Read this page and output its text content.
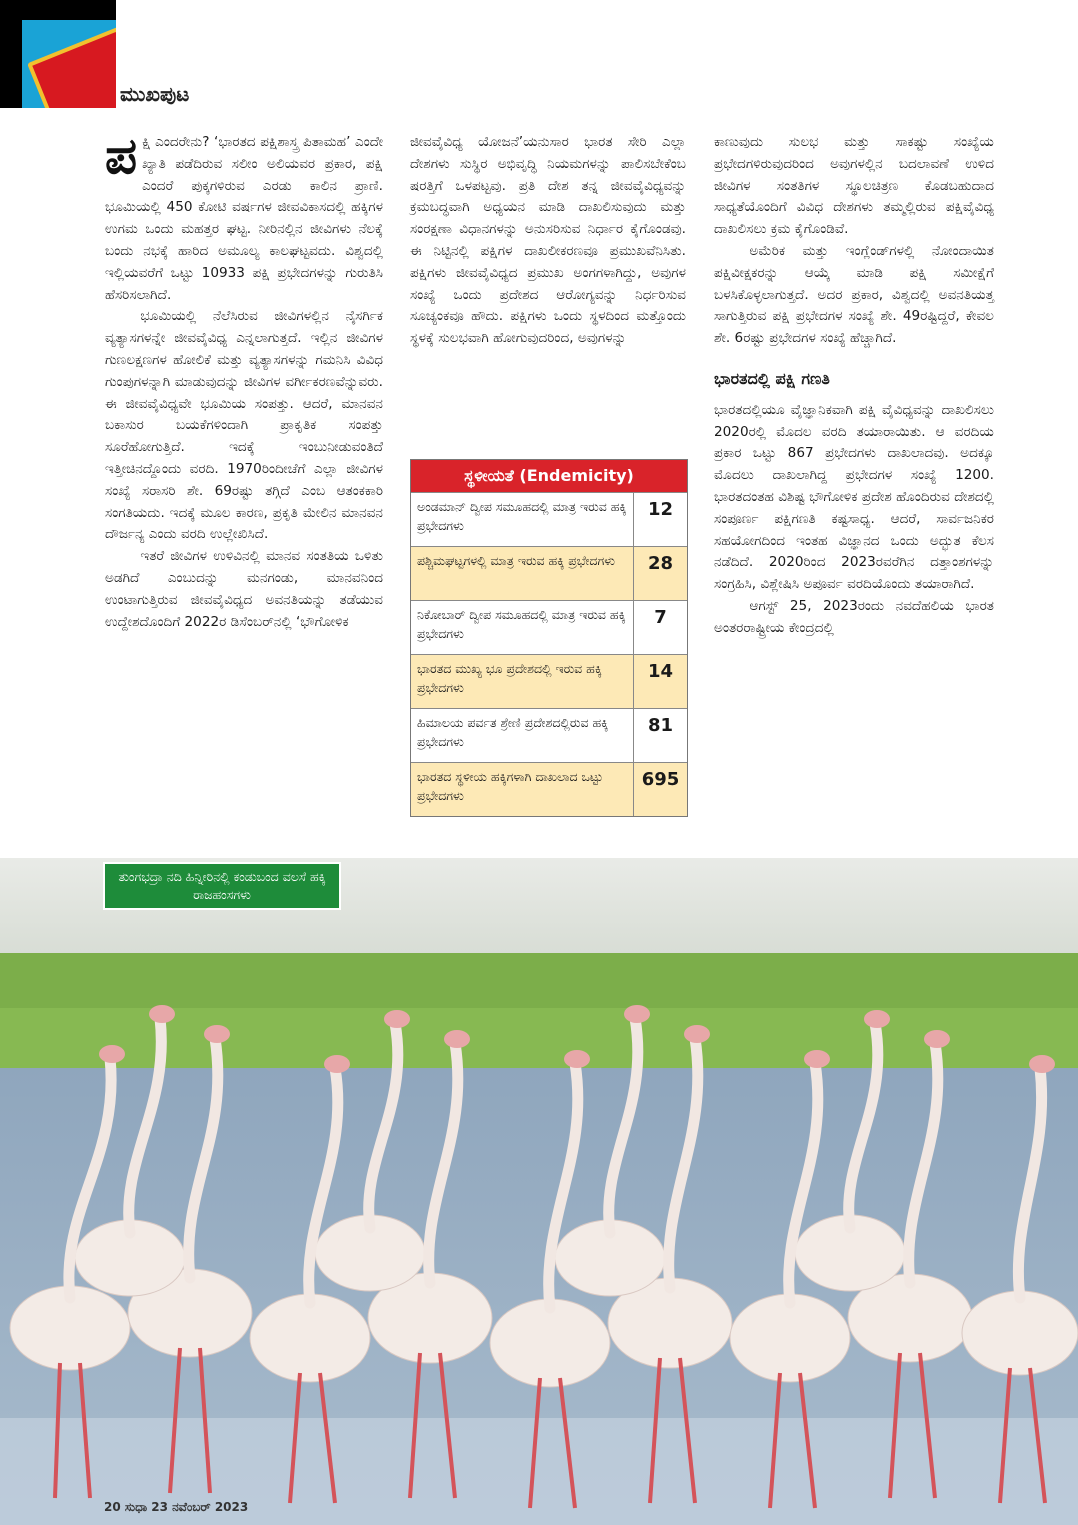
ಮುಖಪುಟ

ಪಕ್ಷಿ ಎಂದರೇನು? ‘ಭಾರತದ ಪಕ್ಷಿಶಾಸ್ತ್ರ ಪಿತಾಮಹ’ ಎಂದೇ ಖ್ಯಾತಿ ಪಡೆದಿರುವ ಸಲೀಂ ಅಲಿಯವರ ಪ್ರಕಾರ, ಪಕ್ಷಿ ಎಂದರೆ ಪುಕ್ಕಗಳಿರುವ ಎರಡು ಕಾಲಿನ ಪ್ರಾಣಿ. ಭೂಮಿಯಲ್ಲಿ 450 ಕೋಟಿ ವರ್ಷಗಳ ಜೀವವಿಕಾಸದಲ್ಲಿ ಹಕ್ಕಿಗಳ ಉಗಮ ಒಂದು ಮಹತ್ತರ ಘಟ್ಟ. ನೀರಿನಲ್ಲಿನ ಜೀವಿಗಳು ನೆಲಕ್ಕೆ ಬಂದು ನಭಕ್ಕೆ ಹಾರಿದ ಅಮೂಲ್ಯ ಕಾಲಘಟ್ಟವದು. ವಿಶ್ವದಲ್ಲಿ ಇಲ್ಲಿಯವರೆಗೆ ಒಟ್ಟು 10933 ಪಕ್ಷಿ ಪ್ರಭೇದಗಳನ್ನು ಗುರುತಿಸಿ ಹೆಸರಿಸಲಾಗಿದೆ.

ಭೂಮಿಯಲ್ಲಿ ನೆಲೆಸಿರುವ ಜೀವಿಗಳಲ್ಲಿನ ನೈಸರ್ಗಿಕ ವ್ಯತ್ಯಾಸಗಳನ್ನೇ ಜೀವವೈವಿಧ್ಯ ಎನ್ನಲಾಗುತ್ತದೆ. ಇಲ್ಲಿನ ಜೀವಿಗಳ ಗುಣಲಕ್ಷಣಗಳ ಹೋಲಿಕೆ ಮತ್ತು ವ್ಯತ್ಯಾಸಗಳನ್ನು ಗಮನಿಸಿ ವಿವಿಧ ಗುಂಪುಗಳನ್ನಾಗಿ ಮಾಡುವುದನ್ನು ಜೀವಿಗಳ ವರ್ಗೀಕರಣವೆನ್ನುವರು. ಈ ಜೀವವೈವಿಧ್ಯವೇ ಭೂಮಿಯ ಸಂಪತ್ತು. ಆದರೆ, ಮಾನವನ ಬಕಾಸುರ ಬಯಕೆಗಳಿಂದಾಗಿ ಪ್ರಾಕೃತಿಕ ಸಂಪತ್ತು ಸೂರೆಹೋಗುತ್ತಿದೆ. ಇದಕ್ಕೆ ಇಂಬುನೀಡುವಂತಿದೆ ಇತ್ತೀಚಿನದ್ದೊಂದು ವರದಿ. 1970ರಿಂದೀಚೆಗೆ ಎಲ್ಲಾ ಜೀವಿಗಳ ಸಂಖ್ಯೆ ಸರಾಸರಿ ಶೇ. 69ರಷ್ಟು ತಗ್ಗಿದೆ ಎಂಬ ಆತಂಕಕಾರಿ ಸಂಗತಿಯದು. ಇದಕ್ಕೆ ಮೂಲ ಕಾರಣ, ಪ್ರಕೃತಿ ಮೇಲಿನ ಮಾನವನ ದೌರ್ಜನ್ಯ ಎಂದು ವರದಿ ಉಲ್ಲೇಖಿಸಿದೆ.

ಇತರೆ ಜೀವಿಗಳ ಉಳಿವಿನಲ್ಲಿ ಮಾನವ ಸಂತತಿಯ ಒಳಿತು ಅಡಗಿದೆ ಎಂಬುದನ್ನು ಮನಗಂಡು, ಮಾನವನಿಂದ ಉಂಟಾಗುತ್ತಿರುವ ಜೀವವೈವಿಧ್ಯದ ಅವನತಿಯನ್ನು ತಡೆಯುವ ಉದ್ದೇಶದೊಂದಿಗೆ 2022ರ ಡಿಸೆಂಬರ್‌ನಲ್ಲಿ ‘ಭೌಗೋಳಿಕ

ಜೀವವೈವಿಧ್ಯ ಯೋಜನೆ’ಯನುಸಾರ ಭಾರತ ಸೇರಿ ಎಲ್ಲಾ ದೇಶಗಳು ಸುಸ್ಥಿರ ಅಭಿವೃದ್ಧಿ ನಿಯಮಗಳನ್ನು ಪಾಲಿಸಬೇಕೆಂಬ ಷರತ್ತಿಗೆ ಒಳಪಟ್ಟವು. ಪ್ರತಿ ದೇಶ ತನ್ನ ಜೀವವೈವಿಧ್ಯವನ್ನು ಕ್ರಮಬದ್ಧವಾಗಿ ಅಧ್ಯಯನ ಮಾಡಿ ದಾಖಲಿಸುವುದು ಮತ್ತು ಸಂರಕ್ಷಣಾ ವಿಧಾನಗಳನ್ನು ಅನುಸರಿಸುವ ನಿರ್ಧಾರ ಕೈಗೊಂಡವು. ಈ ನಿಟ್ಟಿನಲ್ಲಿ ಪಕ್ಷಿಗಳ ದಾಖಲೀಕರಣವೂ ಪ್ರಮುಖವೆನಿಸಿತು. ಪಕ್ಷಿಗಳು ಜೀವವೈವಿಧ್ಯದ ಪ್ರಮುಖ ಅಂಗಗಳಾಗಿದ್ದು, ಅವುಗಳ ಸಂಖ್ಯೆ ಒಂದು ಪ್ರದೇಶದ ಆರೋಗ್ಯವನ್ನು ನಿರ್ಧರಿಸುವ ಸೂಚ್ಯಂಕವೂ ಹೌದು. ಪಕ್ಷಿಗಳು ಒಂದು ಸ್ಥಳದಿಂದ ಮತ್ತೊಂದು ಸ್ಥಳಕ್ಕೆ ಸುಲಭವಾಗಿ ಹೋಗುವುದರಿಂದ, ಅವುಗಳನ್ನು

ಸ್ಥಳೀಯತೆ (Endemicity)
ಅಂಡಮಾನ್ ದ್ವೀಪ ಸಮೂಹದಲ್ಲಿ ಮಾತ್ರ ಇರುವ ಹಕ್ಕಿ ಪ್ರಭೇದಗಳು
12
ಪಶ್ಚಿಮಘಟ್ಟಗಳಲ್ಲಿ ಮಾತ್ರ ಇರುವ ಹಕ್ಕಿ ಪ್ರಭೇದಗಳು	28
ನಿಕೋಬಾರ್ ದ್ವೀಪ ಸಮೂಹದಲ್ಲಿ ಮಾತ್ರ ಇರುವ ಹಕ್ಕಿ ಪ್ರಭೇದಗಳು
7
ಭಾರತದ ಮುಖ್ಯ ಭೂ ಪ್ರದೇಶದಲ್ಲಿ ಇರುವ ಹಕ್ಕಿ ಪ್ರಭೇದಗಳು
14
ಹಿಮಾಲಯ ಪರ್ವತ ಶ್ರೇಣಿ ಪ್ರದೇಶದಲ್ಲಿರುವ ಹಕ್ಕಿ ಪ್ರಭೇದಗಳು
81
ಭಾರತದ ಸ್ಥಳೀಯ ಹಕ್ಕಿಗಳಾಗಿ ದಾಖಲಾದ ಒಟ್ಟು ಪ್ರಭೇದಗಳು
695

ಕಾಣುವುದು ಸುಲಭ ಮತ್ತು ಸಾಕಷ್ಟು ಸಂಖ್ಯೆಯ ಪ್ರಭೇದಗಳಿರುವುದರಿಂದ ಅವುಗಳಲ್ಲಿನ ಬದಲಾವಣೆ ಉಳಿದ ಜೀವಿಗಳ ಸಂತತಿಗಳ ಸ್ಥೂಲಚಿತ್ರಣ ಕೊಡಬಹುದಾದ ಸಾಧ್ಯತೆಯೊಂದಿಗೆ ವಿವಿಧ ದೇಶಗಳು ತಮ್ಮಲ್ಲಿರುವ ಪಕ್ಷಿವೈವಿಧ್ಯ ದಾಖಲಿಸಲು ಕ್ರಮ ಕೈಗೊಂಡಿವೆ.

ಅಮೆರಿಕ ಮತ್ತು ಇಂಗ್ಲೆಂಡ್‌ಗಳಲ್ಲಿ ನೋಂದಾಯಿತ ಪಕ್ಷಿವೀಕ್ಷಕರನ್ನು ಆಯ್ಕೆ ಮಾಡಿ ಪಕ್ಷಿ ಸಮೀಕ್ಷೆಗೆ ಬಳಸಿಕೊಳ್ಳಲಾಗುತ್ತದೆ. ಅದರ ಪ್ರಕಾರ, ವಿಶ್ವದಲ್ಲಿ ಅವನತಿಯತ್ತ ಸಾಗುತ್ತಿರುವ ಪಕ್ಷಿ ಪ್ರಭೇದಗಳ ಸಂಖ್ಯೆ ಶೇ. 49ರಷ್ಟಿದ್ದರೆ, ಕೇವಲ ಶೇ. 6ರಷ್ಟು ಪ್ರಭೇದಗಳ ಸಂಖ್ಯೆ ಹೆಚ್ಚಾಗಿದೆ.

ಭಾರತದಲ್ಲಿ ಪಕ್ಷಿ ಗಣತಿ

ಭಾರತದಲ್ಲಿಯೂ ವೈಜ್ಞಾನಿಕವಾಗಿ ಪಕ್ಷಿ ವೈವಿಧ್ಯವನ್ನು ದಾಖಲಿಸಲು 2020ರಲ್ಲಿ ಮೊದಲ ವರದಿ ತಯಾರಾಯಿತು. ಆ ವರದಿಯ ಪ್ರಕಾರ ಒಟ್ಟು 867 ಪ್ರಭೇದಗಳು ದಾಖಲಾದವು. ಅದಕ್ಕೂ ಮೊದಲು ದಾಖಲಾಗಿದ್ದ ಪ್ರಭೇದಗಳ ಸಂಖ್ಯೆ 1200. ಭಾರತದಂತಹ ವಿಶಿಷ್ಟ ಭೌಗೋಳಿಕ ಪ್ರದೇಶ ಹೊಂದಿರುವ ದೇಶದಲ್ಲಿ ಸಂಪೂರ್ಣ ಪಕ್ಷಿಗಣತಿ ಕಷ್ಟಸಾಧ್ಯ. ಆದರೆ, ಸಾರ್ವಜನಿಕರ ಸಹಯೋಗದಿಂದ ಇಂತಹ ವಿಜ್ಞಾನದ ಒಂದು ಅದ್ಭುತ ಕೆಲಸ ನಡೆದಿದೆ. 2020ರಿಂದ 2023ರವರೆಗಿನ ದತ್ತಾಂಶಗಳನ್ನು ಸಂಗ್ರಹಿಸಿ, ವಿಶ್ಲೇಷಿಸಿ ಅಪೂರ್ವ ವರದಿಯೊಂದು ತಯಾರಾಗಿದೆ.

ಆಗಸ್ಟ್ 25, 2023ರಂದು ನವದೆಹಲಿಯ ಭಾರತ ಅಂತರರಾಷ್ಟ್ರೀಯ ಕೇಂದ್ರದಲ್ಲಿ

ತುಂಗಭದ್ರಾ ನದಿ ಹಿನ್ನೀರಿನಲ್ಲಿ ಕಂಡುಬಂದ ವಲಸೆ ಹಕ್ಕಿ ರಾಜಹಂಸಗಳು
20 ಸುಧಾ 23 ನವೆಂಬರ್ 2023
